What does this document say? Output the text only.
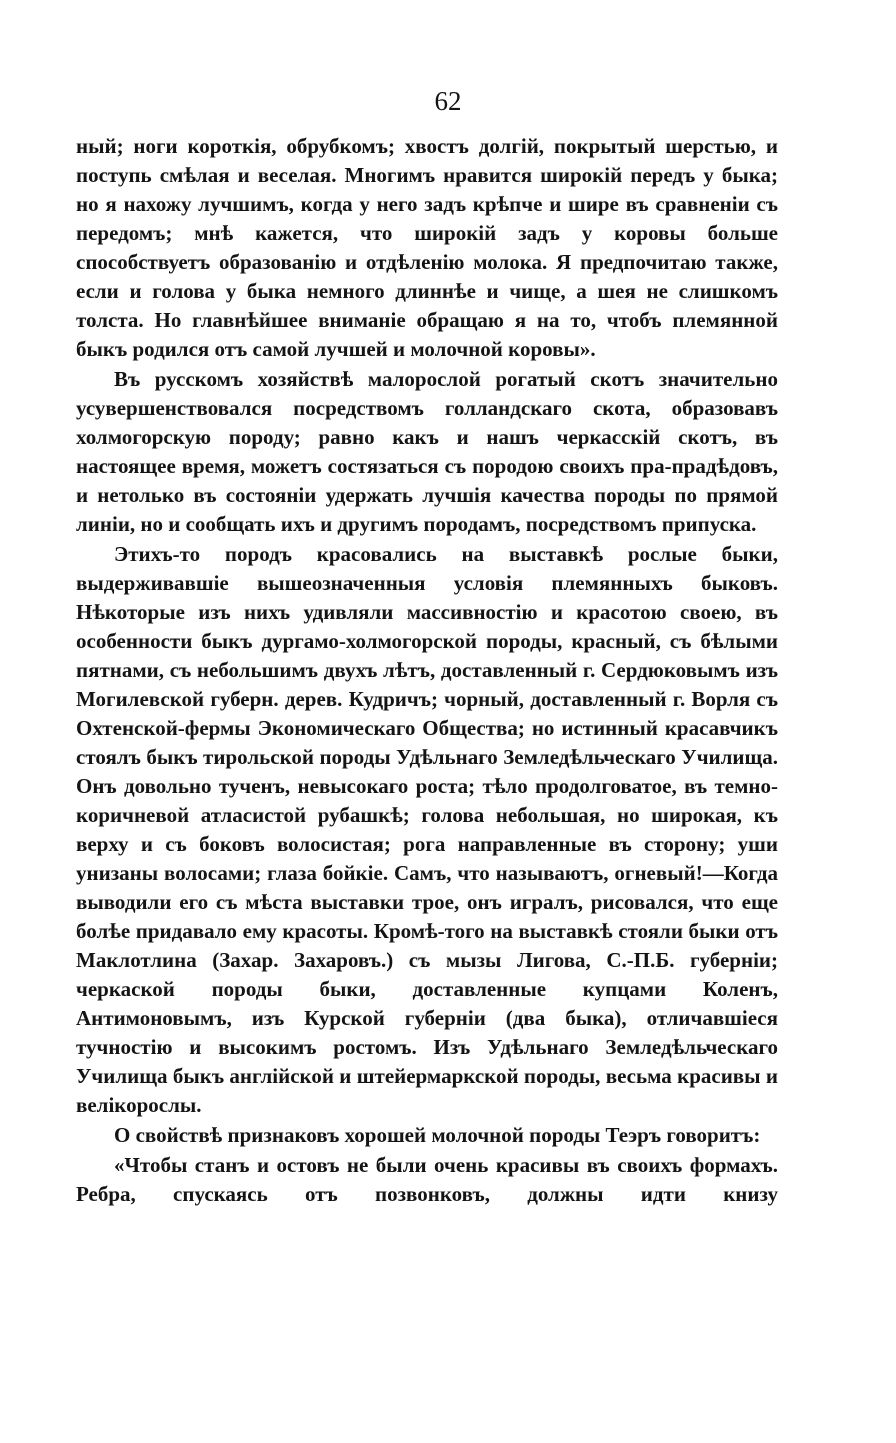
62

ный; ноги короткія, обрубкомъ; хвостъ долгій, покрытый шерстью, и поступь смѣлая и веселая. Многимъ нравится широкій передъ у быка; но я нахожу лучшимъ, когда у него задъ крѣпче и шире въ сравненіи съ передомъ; мнѣ кажется, что широкій задъ у коровы больше способствуетъ образованію и отдѣленію молока. Я предпочитаю также, если и голова у быка немного длиннѣе и чище, а шея не слишкомъ толста. Но главнѣйшее вниманіе обращаю я на то, чтобъ племянной быкъ родился отъ самой лучшей и молочной коровы».

Въ русскомъ хозяйствѣ малорослой рогатый скотъ значительно усувершенствовался посредствомъ голландскаго скота, образовавъ холмогорскую породу; равно какъ и нашъ черкасскій скотъ, въ настоящее время, можетъ состязаться съ породою своихъ пра-прадѣдовъ, и нетолько въ состояніи удержать лучшія качества породы по прямой линіи, но и сообщать ихъ и другимъ породамъ, посредствомъ припуска.

Этихъ-то породъ красовались на выставкѣ рослые быки, выдерживавшіе вышеозначенныя условія племянныхъ быковъ. Нѣкоторые изъ нихъ удивляли массивностію и красотою своею, въ особенности быкъ дургамо-холмогорской породы, красный, съ бѣлыми пятнами, съ небольшимъ двухъ лѣтъ, доставленный г. Сердюковымъ изъ Могилевской губерн. дерев. Кудричъ; чорный, доставленный г. Ворля съ Охтенской-фермы Экономическаго Общества; но истинный красавчикъ стоялъ быкъ тирольской породы Удѣльнаго Земледѣльческаго Училища. Онъ довольно тученъ, невысокаго роста; тѣло продолговатое, въ темно-коричневой атласистой рубашкѣ; голова небольшая, но широкая, къ верху и съ боковъ волосистая; рога направленные въ сторону; уши унизаны волосами; глаза бойкіе. Самъ, что называютъ, огневый!—Когда выводили его съ мѣста выставки трое, онъ игралъ, рисовался, что еще болѣе придавало ему красоты. Кромѣ-того на выставкѣ стояли быки отъ Маклотлина (Захар. Захаровъ.) съ мызы Лигова, С.-П.Б. губерніи; черкаской породы быки, доставленные купцами Коленъ, Антимоновымъ, изъ Курской губерніи (два быка), отличавшіеся тучностію и высокимъ ростомъ. Изъ Удѣльнаго Земледѣльческаго Училища быкъ англійской и штейермаркской породы, весьма красивы и велікорослы.

О свойствѣ признаковъ хорошей молочной породы Теэръ говоритъ:

«Чтобы станъ и остовъ не были очень красивы въ своихъ формахъ. Ребра, спускаясь отъ позвонковъ, должны идти книзу
